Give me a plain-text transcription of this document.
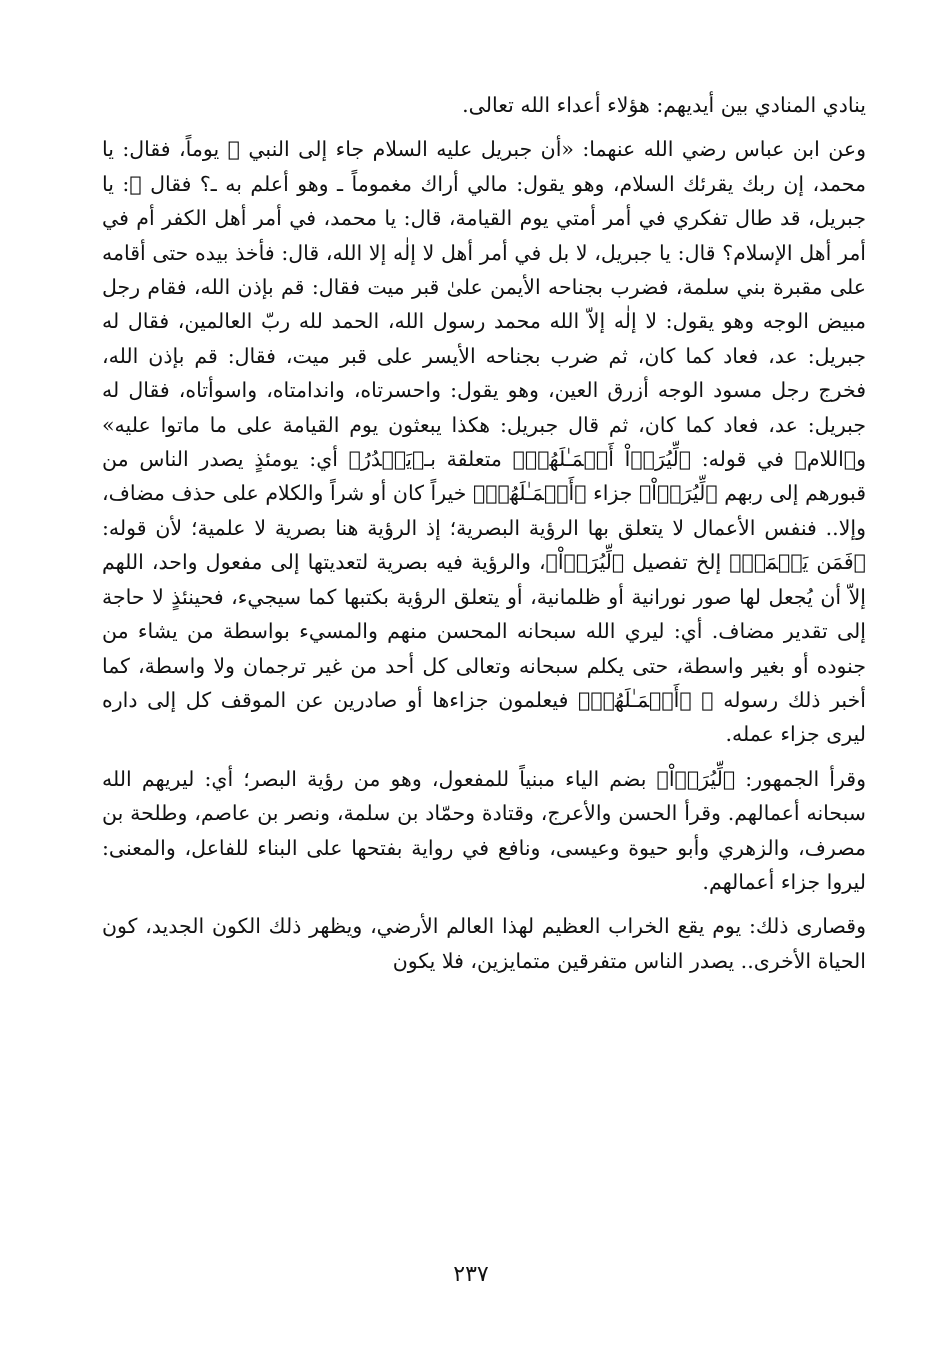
ينادي المنادي بين أيديهم: هؤلاء أعداء الله تعالى.

وعن ابن عباس رضي الله عنهما: «أن جبريل عليه السلام جاء إلى النبي ﷺ يوماً، فقال: يا محمد، إن ربك يقرئك السلام، وهو يقول: مالي أراك مغموماً ـ وهو أعلم به ـ؟ فقال ﷺ: يا جبريل، قد طال تفكري في أمر أمتي يوم القيامة، قال: يا محمد، في أمر أهل الكفر أم في أمر أهل الإسلام؟ قال: يا جبريل، لا بل في أمر أهل لا إلٰه إلا الله، قال: فأخذ بيده حتى أقامه على مقبرة بني سلمة، فضرب بجناحه الأيمن علىٰ قبر ميت فقال: قم بإذن الله، فقام رجل مبيض الوجه وهو يقول: لا إلٰه إلاّ الله محمد رسول الله، الحمد لله ربّ العالمين، فقال له جبريل: عد، فعاد كما كان، ثم ضرب بجناحه الأيسر على قبر ميت، فقال: قم بإذن الله، فخرج رجل مسود الوجه أزرق العين، وهو يقول: واحسرتاه، واندامتاه، واسوأتاه، فقال له جبريل: عد، فعاد كما كان، ثم قال جبريل: هكذا يبعثون يوم القيامة على ما ماتوا عليه» و﴿اللام﴾ في قوله: ﴿لِّيُرَوۡاْ أَعۡمَـٰلَهُمۡ﴾ متعلقة بـ﴿يَصۡدُرُ﴾ أي: يومئذٍ يصدر الناس من قبورهم إلى ربهم ﴿لِّيُرَوۡاْ﴾ جزاء ﴿أَعۡمَـٰلَهُمۡ﴾ خيراً كان أو شراً والكلام على حذف مضاف، وإلا.. فنفس الأعمال لا يتعلق بها الرؤية البصرية؛ إذ الرؤية هنا بصرية لا علمية؛ لأن قوله: ﴿فَمَن يَعۡمَلۡ﴾ إلخ تفصيل ﴿لِّيُرَوۡاْ﴾، والرؤية فيه بصرية لتعديتها إلى مفعول واحد، اللهم إلاّ أن يُجعل لها صور نورانية أو ظلمانية، أو يتعلق الرؤية بكتبها كما سيجيء، فحينئذٍ لا حاجة إلى تقدير مضاف. أي: ليري الله سبحانه المحسن منهم والمسيء بواسطة من يشاء من جنوده أو بغير واسطة، حتى يكلم سبحانه وتعالى كل أحد من غير ترجمان ولا واسطة، كما أخبر ذلك رسوله ﷺ ﴿أَعۡمَـٰلَهُمۡ﴾ فيعلمون جزاءها أو صادرين عن الموقف كل إلى داره ليرى جزاء عمله.

وقرأ الجمهور: ﴿لِّيُرَوۡاْ﴾ بضم الياء مبنياً للمفعول، وهو من رؤية البصر؛ أي: ليريهم الله سبحانه أعمالهم. وقرأ الحسن والأعرج، وقتادة وحمّاد بن سلمة، ونصر بن عاصم، وطلحة بن مصرف، والزهري وأبو حيوة وعيسى، ونافع في رواية بفتحها على البناء للفاعل، والمعنى: ليروا جزاء أعمالهم.

وقصارى ذلك: يوم يقع الخراب العظيم لهذا العالم الأرضي، ويظهر ذلك الكون الجديد، كون الحياة الأخرى.. يصدر الناس متفرقين متمايزين، فلا يكون

٢٣٧
